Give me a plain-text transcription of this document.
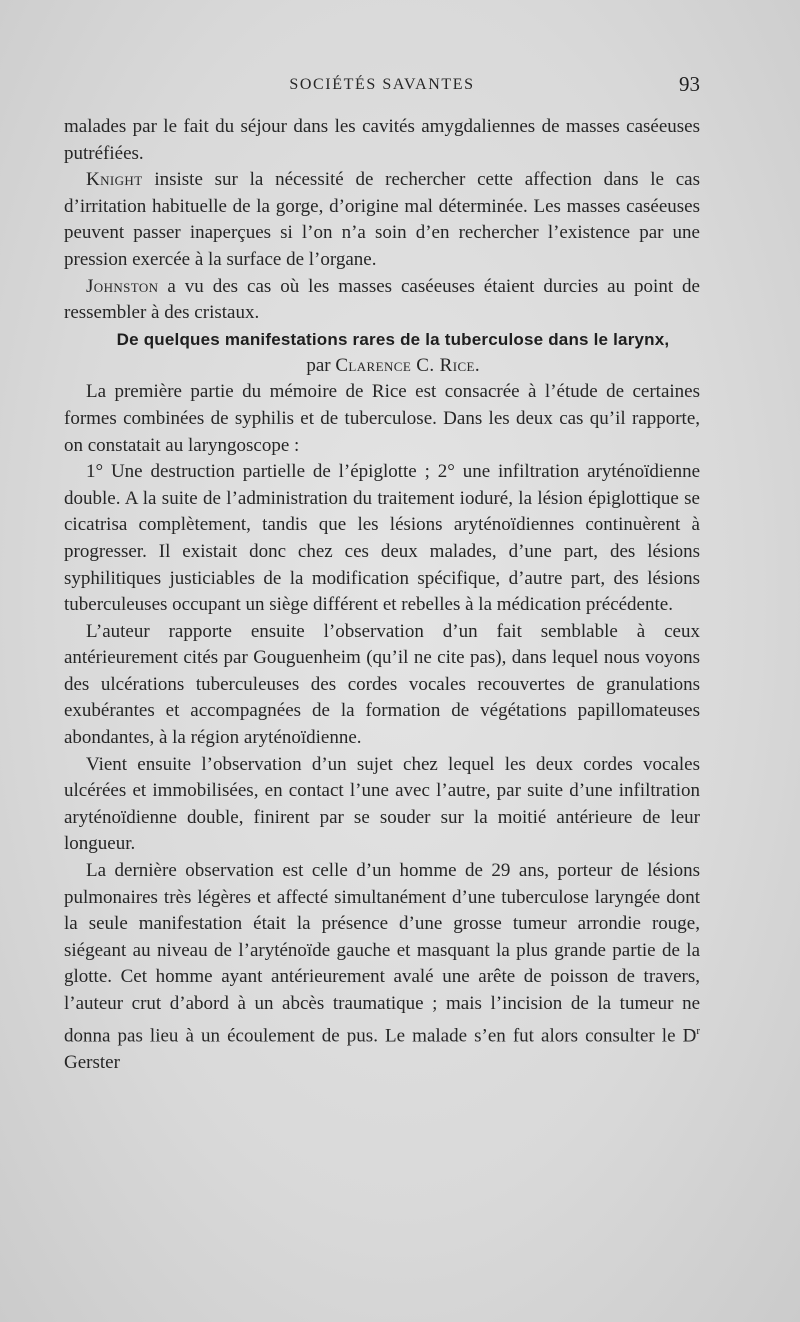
SOCIÉTÉS SAVANTES	93

malades par le fait du séjour dans les cavités amygdaliennes de masses caséeuses putréfiées.

Knight insiste sur la nécessité de rechercher cette affection dans le cas d’irritation habituelle de la gorge, d’origine mal déterminée. Les masses caséeuses peuvent passer inaperçues si l’on n’a soin d’en rechercher l’existence par une pression exercée à la surface de l’organe.

Johnston a vu des cas où les masses caséeuses étaient durcies au point de ressembler à des cristaux.

De quelques manifestations rares de la tuberculose dans le larynx,

par Clarence C. Rice.

La première partie du mémoire de Rice est consacrée à l’étude de certaines formes combinées de syphilis et de tuberculose. Dans les deux cas qu’il rapporte, on constatait au laryngoscope :

1° Une destruction partielle de l’épiglotte ; 2° une infiltration aryténoïdienne double. A la suite de l’administration du traitement ioduré, la lésion épiglottique se cicatrisa complètement, tandis que les lésions aryténoïdiennes continuèrent à progresser. Il existait donc chez ces deux malades, d’une part, des lésions syphilitiques justiciables de la modification spécifique, d’autre part, des lésions tuberculeuses occupant un siège différent et rebelles à la médication précédente.

L’auteur rapporte ensuite l’observation d’un fait semblable à ceux antérieurement cités par Gouguenheim (qu’il ne cite pas), dans lequel nous voyons des ulcérations tuberculeuses des cordes vocales recouvertes de granulations exubérantes et accompagnées de la formation de végétations papillomateuses abondantes, à la région aryténoïdienne.

Vient ensuite l’observation d’un sujet chez lequel les deux cordes vocales ulcérées et immobilisées, en contact l’une avec l’autre, par suite d’une infiltration aryténoïdienne double, finirent par se souder sur la moitié antérieure de leur longueur.

La dernière observation est celle d’un homme de 29 ans, porteur de lésions pulmonaires très légères et affecté simultanément d’une tuberculose laryngée dont la seule manifestation était la présence d’une grosse tumeur arrondie rouge, siégeant au niveau de l’aryténoïde gauche et masquant la plus grande partie de la glotte. Cet homme ayant antérieurement avalé une arête de poisson de travers, l’auteur crut d’abord à un abcès traumatique ; mais l’incision de la tumeur ne donna pas lieu à un écoulement de pus. Le malade s’en fut alors consulter le $D^r$ Gerster
